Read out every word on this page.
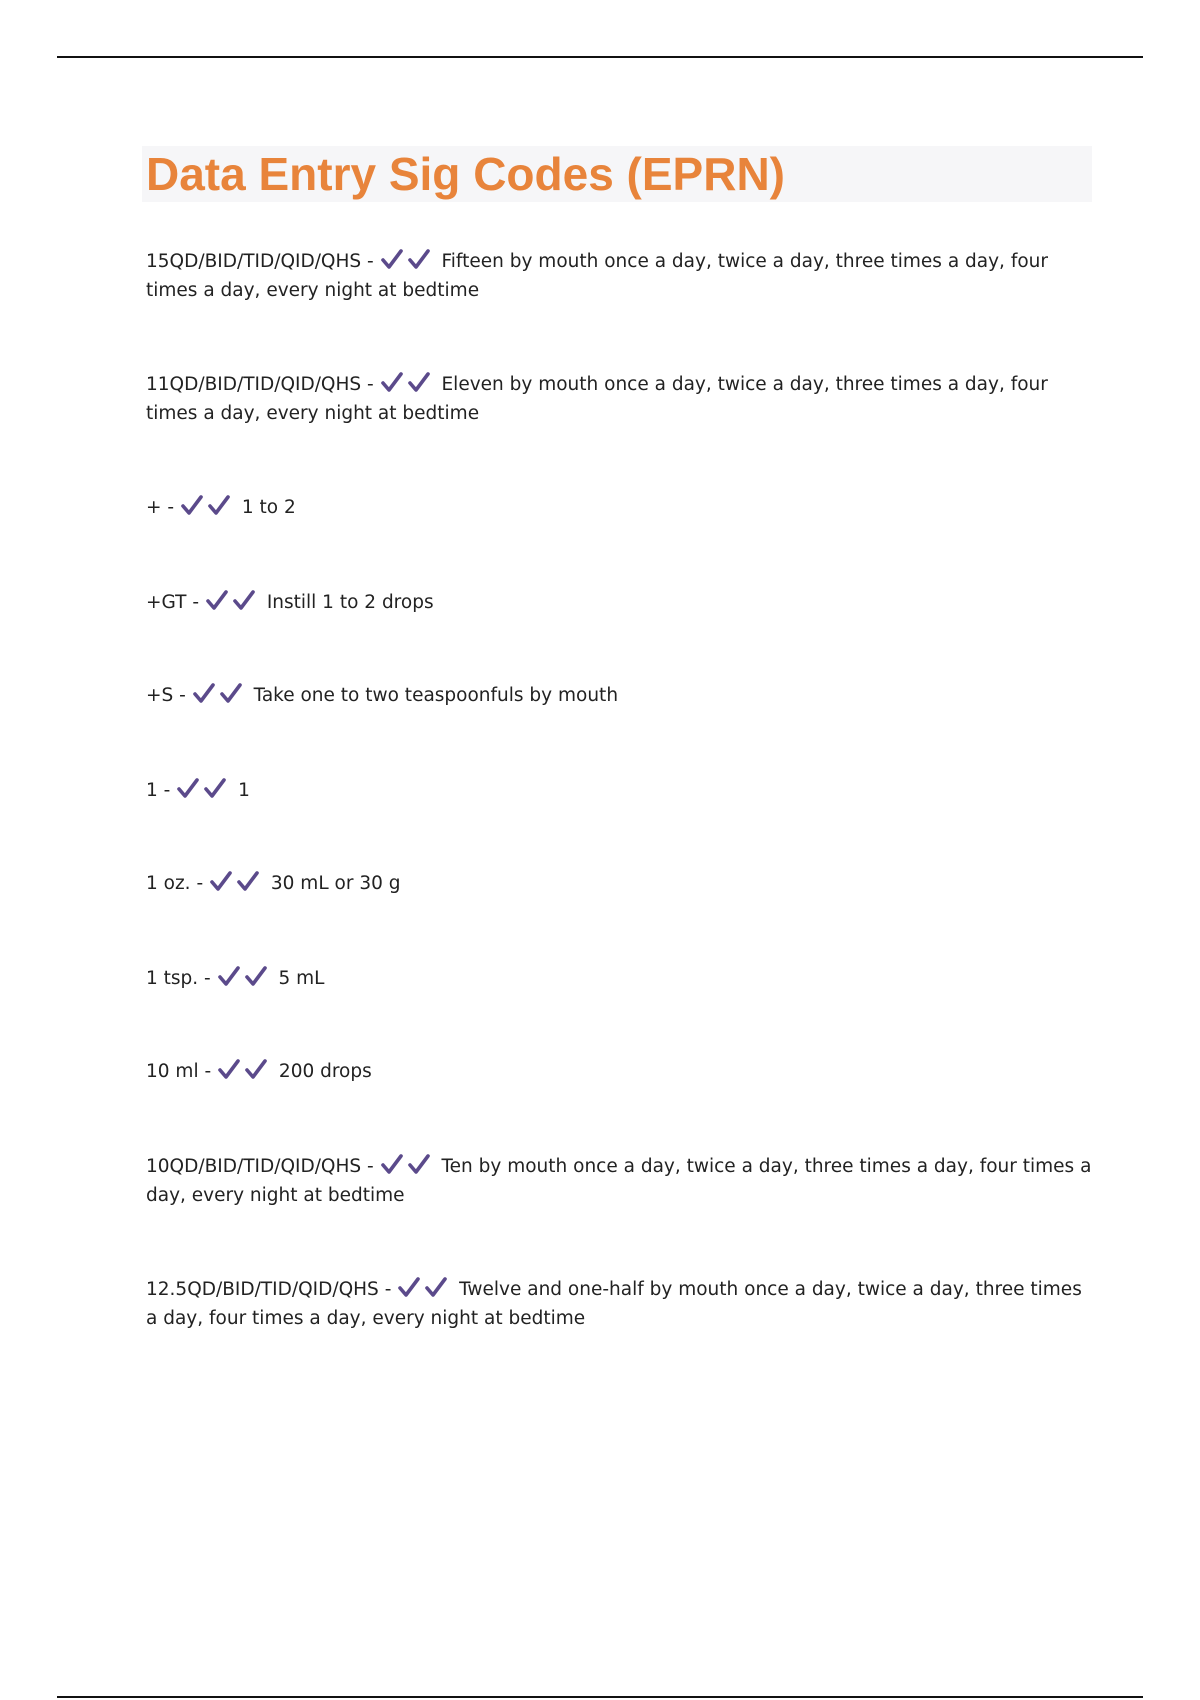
Data Entry Sig Codes (EPRN)

15QD/BID/TID/QID/QHS -	Fifteen by mouth once a day, twice a day, three times a day, four times a day, every night at bedtime

11QD/BID/TID/QID/QHS -	Eleven by mouth once a day, twice a day, three times a day, four times a day, every night at bedtime

+ -	1 to 2

+GT -	Instill 1 to 2 drops

+S -	Take one to two teaspoonfuls by mouth

1 -	1

1 oz. -	30 mL or 30 g

1 tsp. -	5 mL

10 ml -	200 drops

10QD/BID/TID/QID/QHS -	Ten by mouth once a day, twice a day, three times a day, four times a day, every night at bedtime

12.5QD/BID/TID/QID/QHS -	Twelve and one-half by mouth once a day, twice a day, three times a day, four times a day, every night at bedtime
